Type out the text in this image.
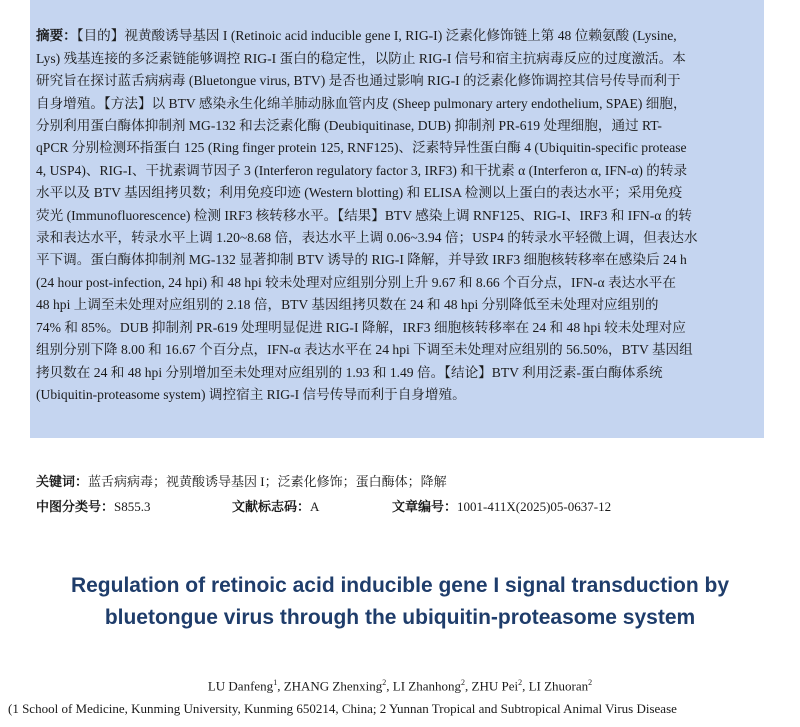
摘要：【目的】视黄酸诱导基因 I (Retinoic acid inducible gene I, RIG-I) 泛素化修饰链上第 48 位赖氨酸 (Lysine,
Lys) 残基连接的多泛素链能够调控 RIG-I 蛋白的稳定性，以防止 RIG-I 信号和宿主抗病毒反应的过度激活。本
研究旨在探讨蓝舌病病毒 (Bluetongue virus, BTV) 是否也通过影响 RIG-I 的泛素化修饰调控其信号传导而利于
自身增殖。【方法】以 BTV 感染永生化绵羊肺动脉血管内皮 (Sheep pulmonary artery endothelium, SPAE) 细胞，
分别利用蛋白酶体抑制剂 MG-132 和去泛素化酶 (Deubiquitinase, DUB) 抑制剂 PR-619 处理细胞，通过 RT-
qPCR 分别检测环指蛋白 125 (Ring finger protein 125, RNF125)、泛素特异性蛋白酶 4 (Ubiquitin-specific protease
4, USP4)、RIG-I、干扰素调节因子 3 (Interferon regulatory factor 3, IRF3) 和干扰素 α (Interferon α, IFN-α) 的转录
水平以及 BTV 基因组拷贝数；利用免疫印迹 (Western blotting) 和 ELISA 检测以上蛋白的表达水平；采用免疫
荧光 (Immunofluorescence) 检测 IRF3 核转移水平。【结果】BTV 感染上调 RNF125、RIG-I、IRF3 和 IFN-α 的转
录和表达水平，转录水平上调 1.20~8.68 倍，表达水平上调 0.06~3.94 倍；USP4 的转录水平轻微上调，但表达水
平下调。蛋白酶体抑制剂 MG-132 显著抑制 BTV 诱导的 RIG-I 降解，并导致 IRF3 细胞核转移率在感染后 24 h
(24 hour post-infection, 24 hpi) 和 48 hpi 较未处理对应组别分别上升 9.67 和 8.66 个百分点，IFN-α 表达水平在
48 hpi 上调至未处理对应组别的 2.18 倍，BTV 基因组拷贝数在 24 和 48 hpi 分别降低至未处理对应组别的
74% 和 85%。DUB 抑制剂 PR-619 处理明显促进 RIG-I 降解，IRF3 细胞核转移率在 24 和 48 hpi 较未处理对应
组别分别下降 8.00 和 16.67 个百分点，IFN-α 表达水平在 24 hpi 下调至未处理对应组别的 56.50%，BTV 基因组
拷贝数在 24 和 48 hpi 分别增加至未处理对应组别的 1.93 和 1.49 倍。【结论】BTV 利用泛素-蛋白酶体系统
(Ubiquitin-proteasome system) 调控宿主 RIG-I 信号传导而利于自身增殖。

关键词：蓝舌病病毒；视黄酸诱导基因 I；泛素化修饰；蛋白酶体；降解
中图分类号：S855.3	文献标志码：A	文章编号：1001-411X(2025)05-0637-12
Regulation of retinoic acid inducible gene I signal transduction by
bluetongue virus through the ubiquitin-proteasome system
LU Danfeng$^1$, ZHANG Zhenxing$^2$, LI Zhanhong$^2$, ZHU Pei$^2$, LI Zhuoran$^2$
(1 School of Medicine, Kunming University, Kunming 650214, China; 2 Yunnan Tropical and Subtropical Animal Virus Disease
